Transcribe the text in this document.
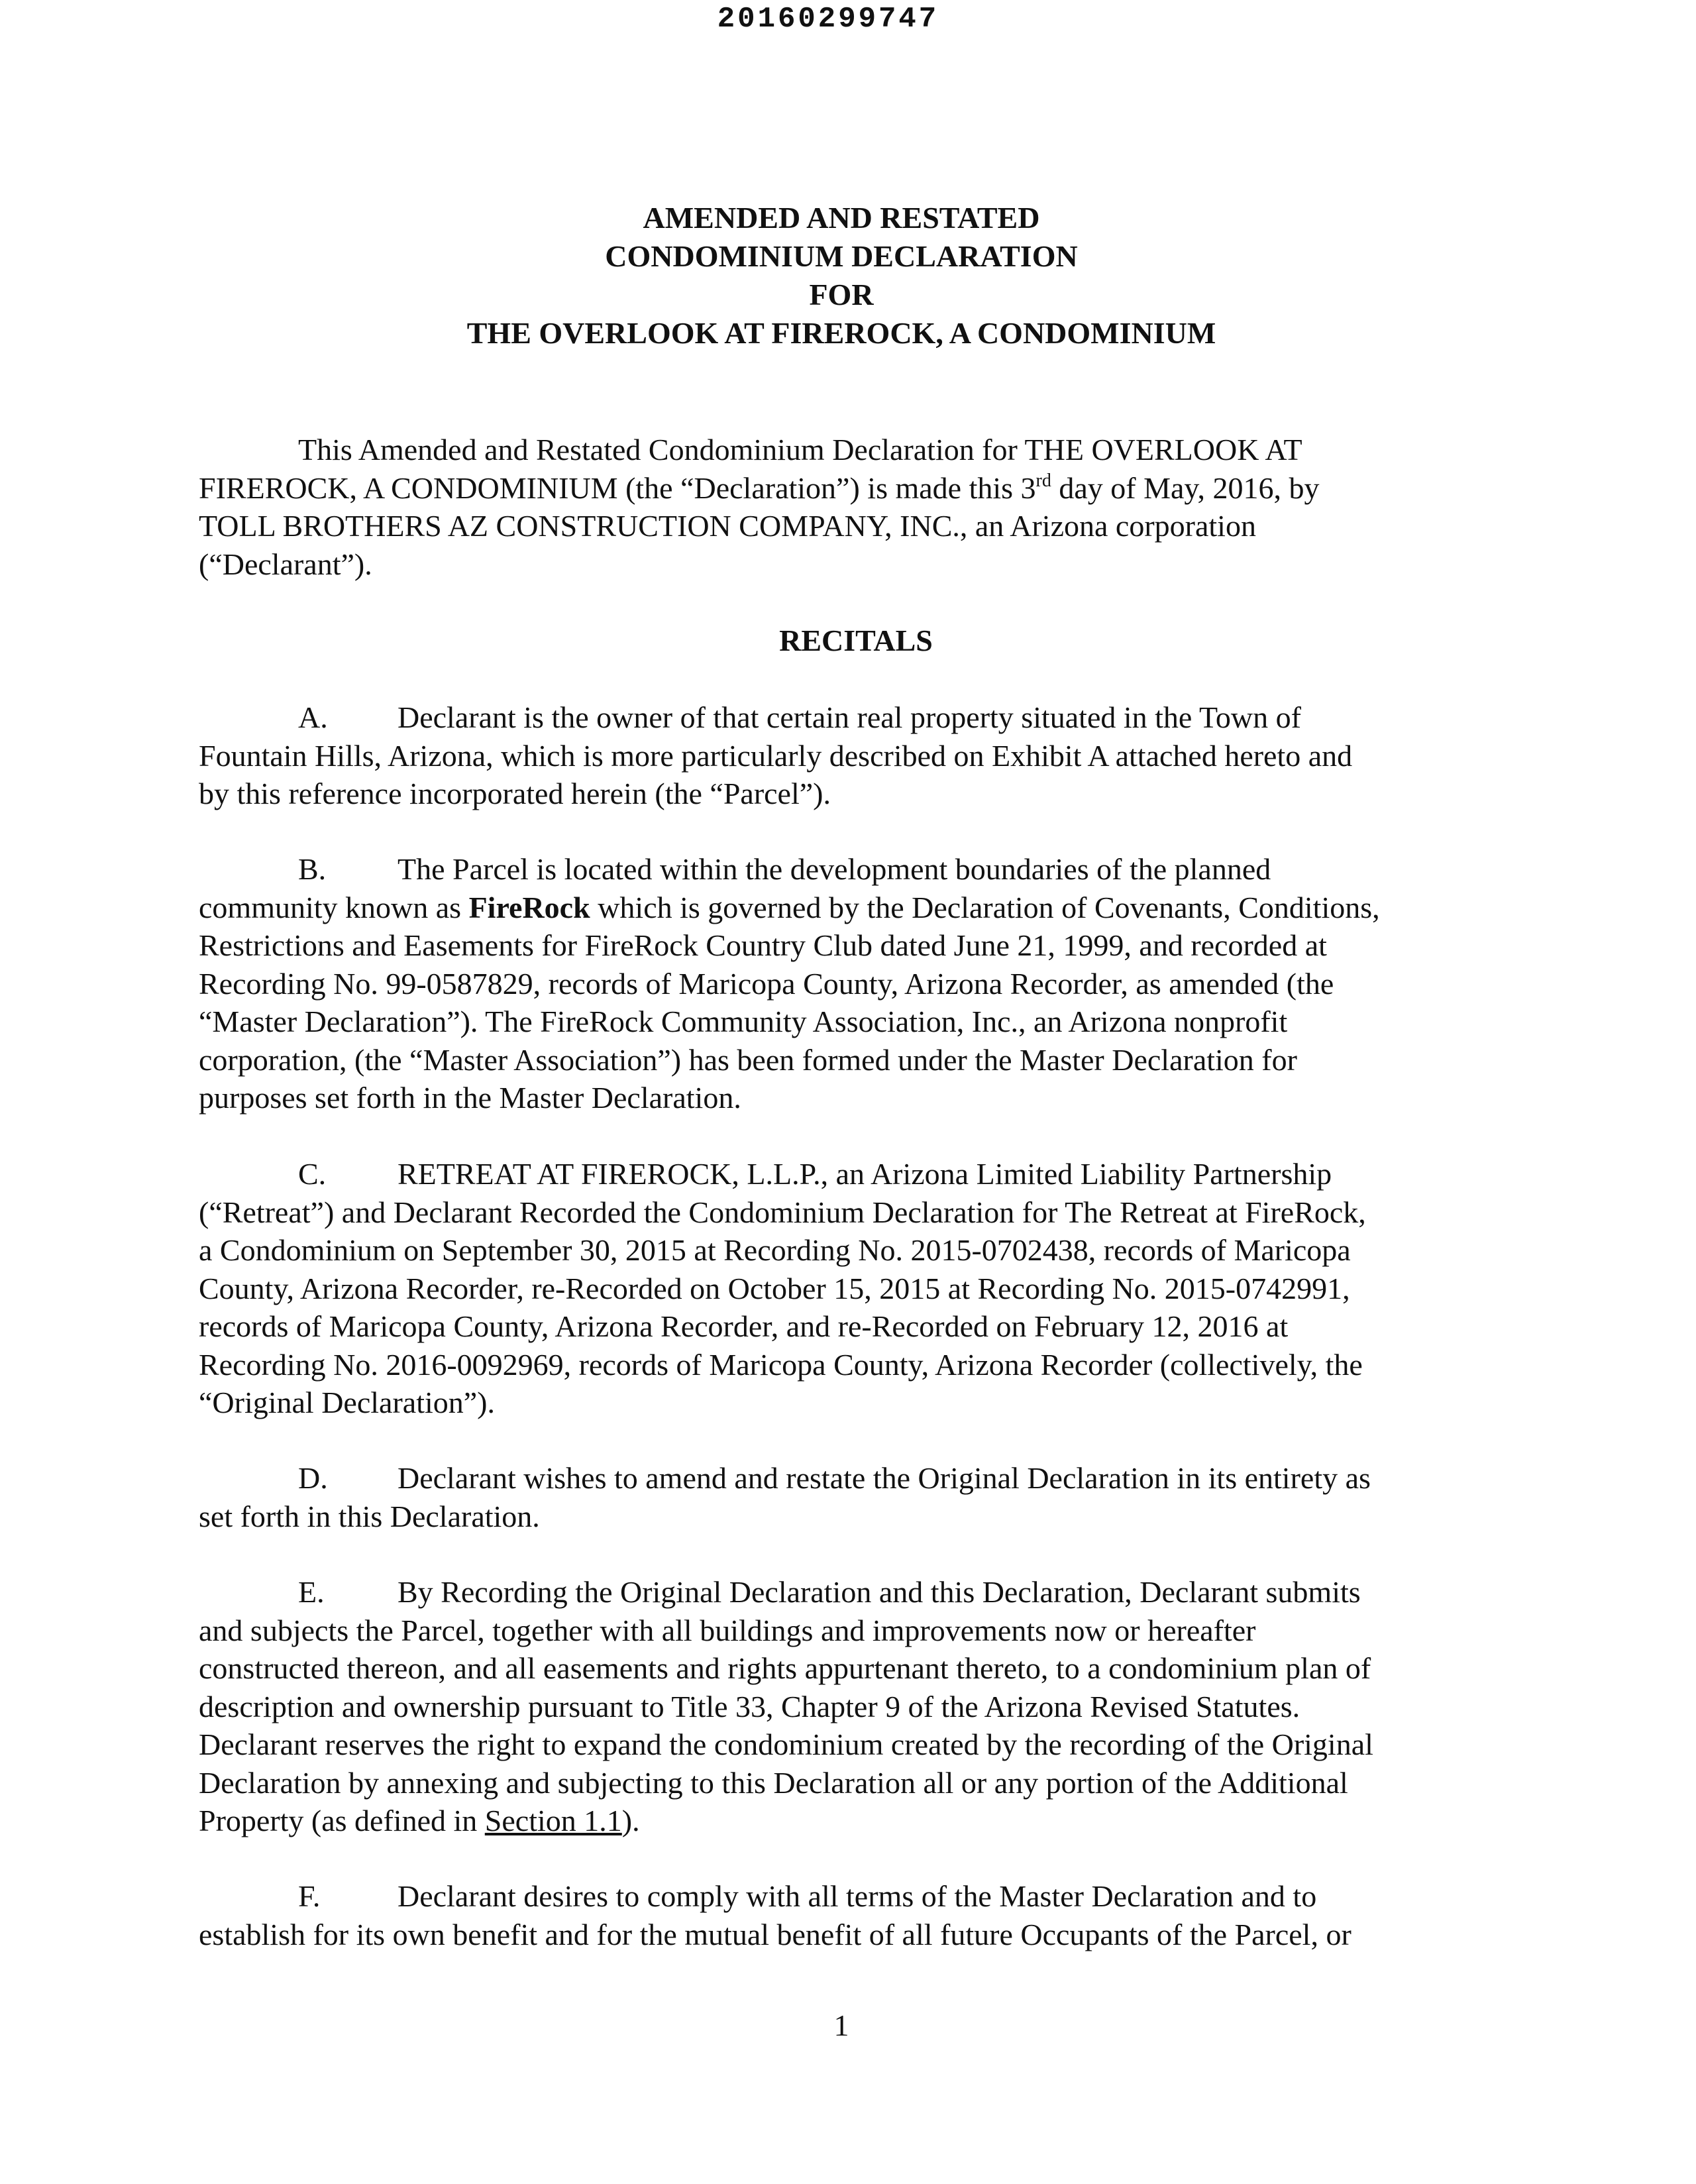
20160299747
AMENDED AND RESTATED
CONDOMINIUM DECLARATION
FOR
THE OVERLOOK AT FIREROCK, A CONDOMINIUM
This Amended and Restated Condominium Declaration for THE OVERLOOK AT
FIREROCK, A CONDOMINIUM (the “Declaration”) is made this 3rd day of May, 2016, by
TOLL BROTHERS AZ CONSTRUCTION COMPANY, INC., an Arizona corporation
(“Declarant”).
RECITALS
A. Declarant is the owner of that certain real property situated in the Town of
Fountain Hills, Arizona, which is more particularly described on Exhibit A attached hereto and
by this reference incorporated herein (the “Parcel”).
B. The Parcel is located within the development boundaries of the planned
community known as FireRock which is governed by the Declaration of Covenants, Conditions,
Restrictions and Easements for FireRock Country Club dated June 21, 1999, and recorded at
Recording No. 99-0587829, records of Maricopa County, Arizona Recorder, as amended (the
“Master Declaration”). The FireRock Community Association, Inc., an Arizona nonprofit
corporation, (the “Master Association”) has been formed under the Master Declaration for
purposes set forth in the Master Declaration.
C. RETREAT AT FIREROCK, L.L.P., an Arizona Limited Liability Partnership
(“Retreat”) and Declarant Recorded the Condominium Declaration for The Retreat at FireRock,
a Condominium on September 30, 2015 at Recording No. 2015-0702438, records of Maricopa
County, Arizona Recorder, re-Recorded on October 15, 2015 at Recording No. 2015-0742991,
records of Maricopa County, Arizona Recorder, and re-Recorded on February 12, 2016 at
Recording No. 2016-0092969, records of Maricopa County, Arizona Recorder (collectively, the
“Original Declaration”).
D. Declarant wishes to amend and restate the Original Declaration in its entirety as
set forth in this Declaration.
E. By Recording the Original Declaration and this Declaration, Declarant submits
and subjects the Parcel, together with all buildings and improvements now or hereafter
constructed thereon, and all easements and rights appurtenant thereto, to a condominium plan of
description and ownership pursuant to Title 33, Chapter 9 of the Arizona Revised Statutes.
Declarant reserves the right to expand the condominium created by the recording of the Original
Declaration by annexing and subjecting to this Declaration all or any portion of the Additional
Property (as defined in Section 1.1).
F.	Declarant desires to comply with all terms of the Master Declaration and to
establish for its own benefit and for the mutual benefit of all future Occupants of the Parcel, or
1
